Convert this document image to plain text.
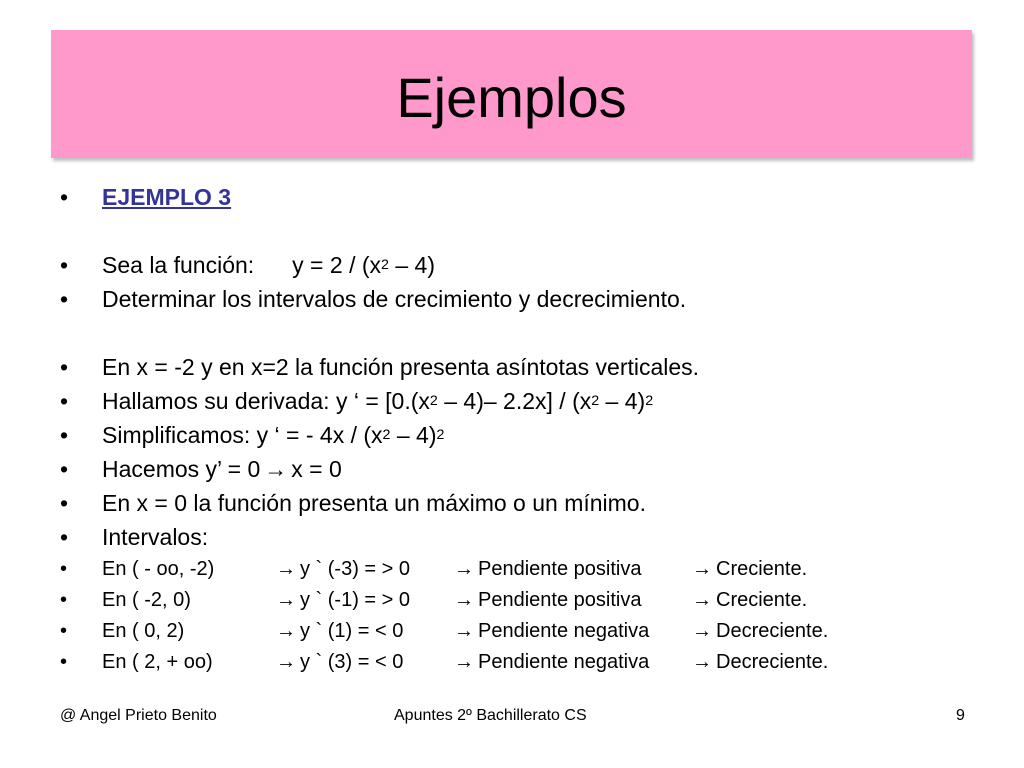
Ejemplos
•	EJEMPLO 3
•	Sea la función: $y = 2 / (x^2 - 4)$
•	Determinar los intervalos de crecimiento y decrecimiento.
•	En x = -2 y en x=2 la función presenta asíntotas verticales.
•	Hallamos su derivada: y ‘ = [$0.(x^2 - 4)-$ $2.2x] / (x^2 - 4)^2$
•	Simplificamos: y ‘ = - $4x / (x^2 - 4)^2$
•	Hacemos y’ = 0 → x = 0
•	En x = 0 la función presenta un máximo o un mínimo.
•	Intervalos:
•	En ( - oo, -2)	→ y ` (-3) = > 0 → Pendiente positiva	→ Creciente.
•	En ( -2, 0)	→ y ` (-1) = > 0 → Pendiente positiva	→ Creciente.
•	En ( 0, 2)	→ y ` (1) = < 0	→ Pendiente negativa → Decreciente.
•	En ( 2, + oo)	→ y ` (3) = < 0	→ Pendiente negativa → Decreciente.
@ Angel Prieto Benito	Apuntes 2º Bachillerato CS	9
